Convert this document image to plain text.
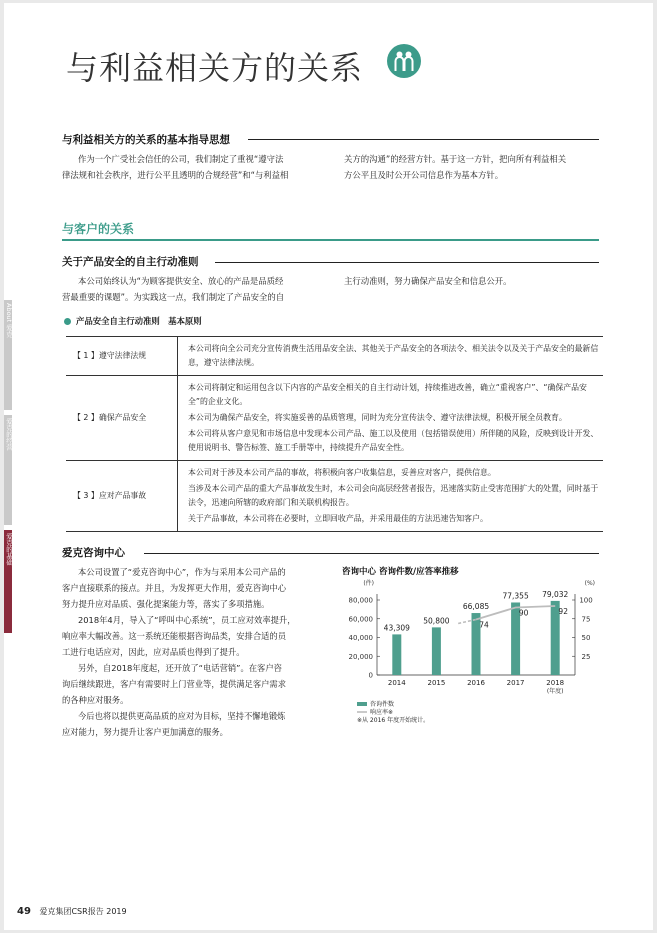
与利益相关方的关系
与利益相关方的关系的基本指导思想
作为一个广受社会信任的公司，我们制定了重视“遵守法
律法规和社会秩序，进行公平且透明的合规经营”和“与利益相
关方的沟通”的经营方针。基于这一方针，把向所有利益相关
方公平且及时公开公司信息作为基本方针。
与客户的关系
关于产品安全的自主行动准则
本公司始终认为“为顾客提供安全、放心的产品是品质经
营最重要的课题”。为实践这一点，我们制定了产品安全的自
主行动准则，努力确保产品安全和信息公开。
产品安全自主行动准则　基本原则
【 1 】遵守法律法规	本公司将向全公司充分宣传消费生活用品安全法、其他关于产品安全的各项法令、相关法令以及关于产品安全的最新信息，遵守法律法规。

【 2 】确保产品安全	本公司将制定和运用包含以下内容的产品安全相关的自主行动计划，持续推进改善，确立“重视客户”、“确保产品安全”的企业文化。
本公司为确保产品安全，将实施妥善的品质管理，同时为充分宣传法令、遵守法律法规，积极开展全员教育。
本公司将从客户意见和市场信息中发现本公司产品、施工以及使用（包括错误使用）所伴随的风险，反映到设计开发、使用说明书、警告标签、施工手册等中，持续提升产品安全性。

【 3 】应对产品事故	本公司对于涉及本公司产品的事故，将积极向客户收集信息，妥善应对客户，提供信息。
当涉及本公司产品的重大产品事故发生时，本公司会向高层经营者报告，迅速落实防止受害范围扩大的处置，同时基于法令，迅速向所辖的政府部门和关联机构报告。
关于产品事故，本公司将在必要时，立即回收产品，并采用最佳的方法迅速告知客户。
爱克咨询中心
本公司设置了“爱克咨询中心”，作为与采用本公司产品的
客户直接联系的接点。并且，为发挥更大作用，爱克咨询中心
努力提升应对品质、强化提案能力等，落实了多项措施。
2018年4月，导入了“呼叫中心系统”，员工应对效率提升，
响应率大幅改善。这一系统还能根据咨询品类，安排合适的员
工进行电话应对，因此，应对品质也得到了提升。
另外，自2018年度起，还开放了“电话营销”。在客户咨
询后继续跟进，客户有需要时上门营业等，提供满足客户需求
的各种应对服务。
今后也将以提供更高品质的应对为目标，坚持不懈地锻炼
应对能力，努力提升让客户更加满意的服务。
咨询中心 咨询件数/应答率推移
(件)	(%)
80,000
60,000
40,000
20,000
0
100
75
50
25
43,309
2014
50,800
2015
66,085
2016
77,355
2017
79,032
2018
(年度)
74
90	92
咨询件数
响应率※
※从 2016 年度开始统计。
About 爱克
爱克的经营
爱克的基础
49 爱克集团CSR报告 2019
